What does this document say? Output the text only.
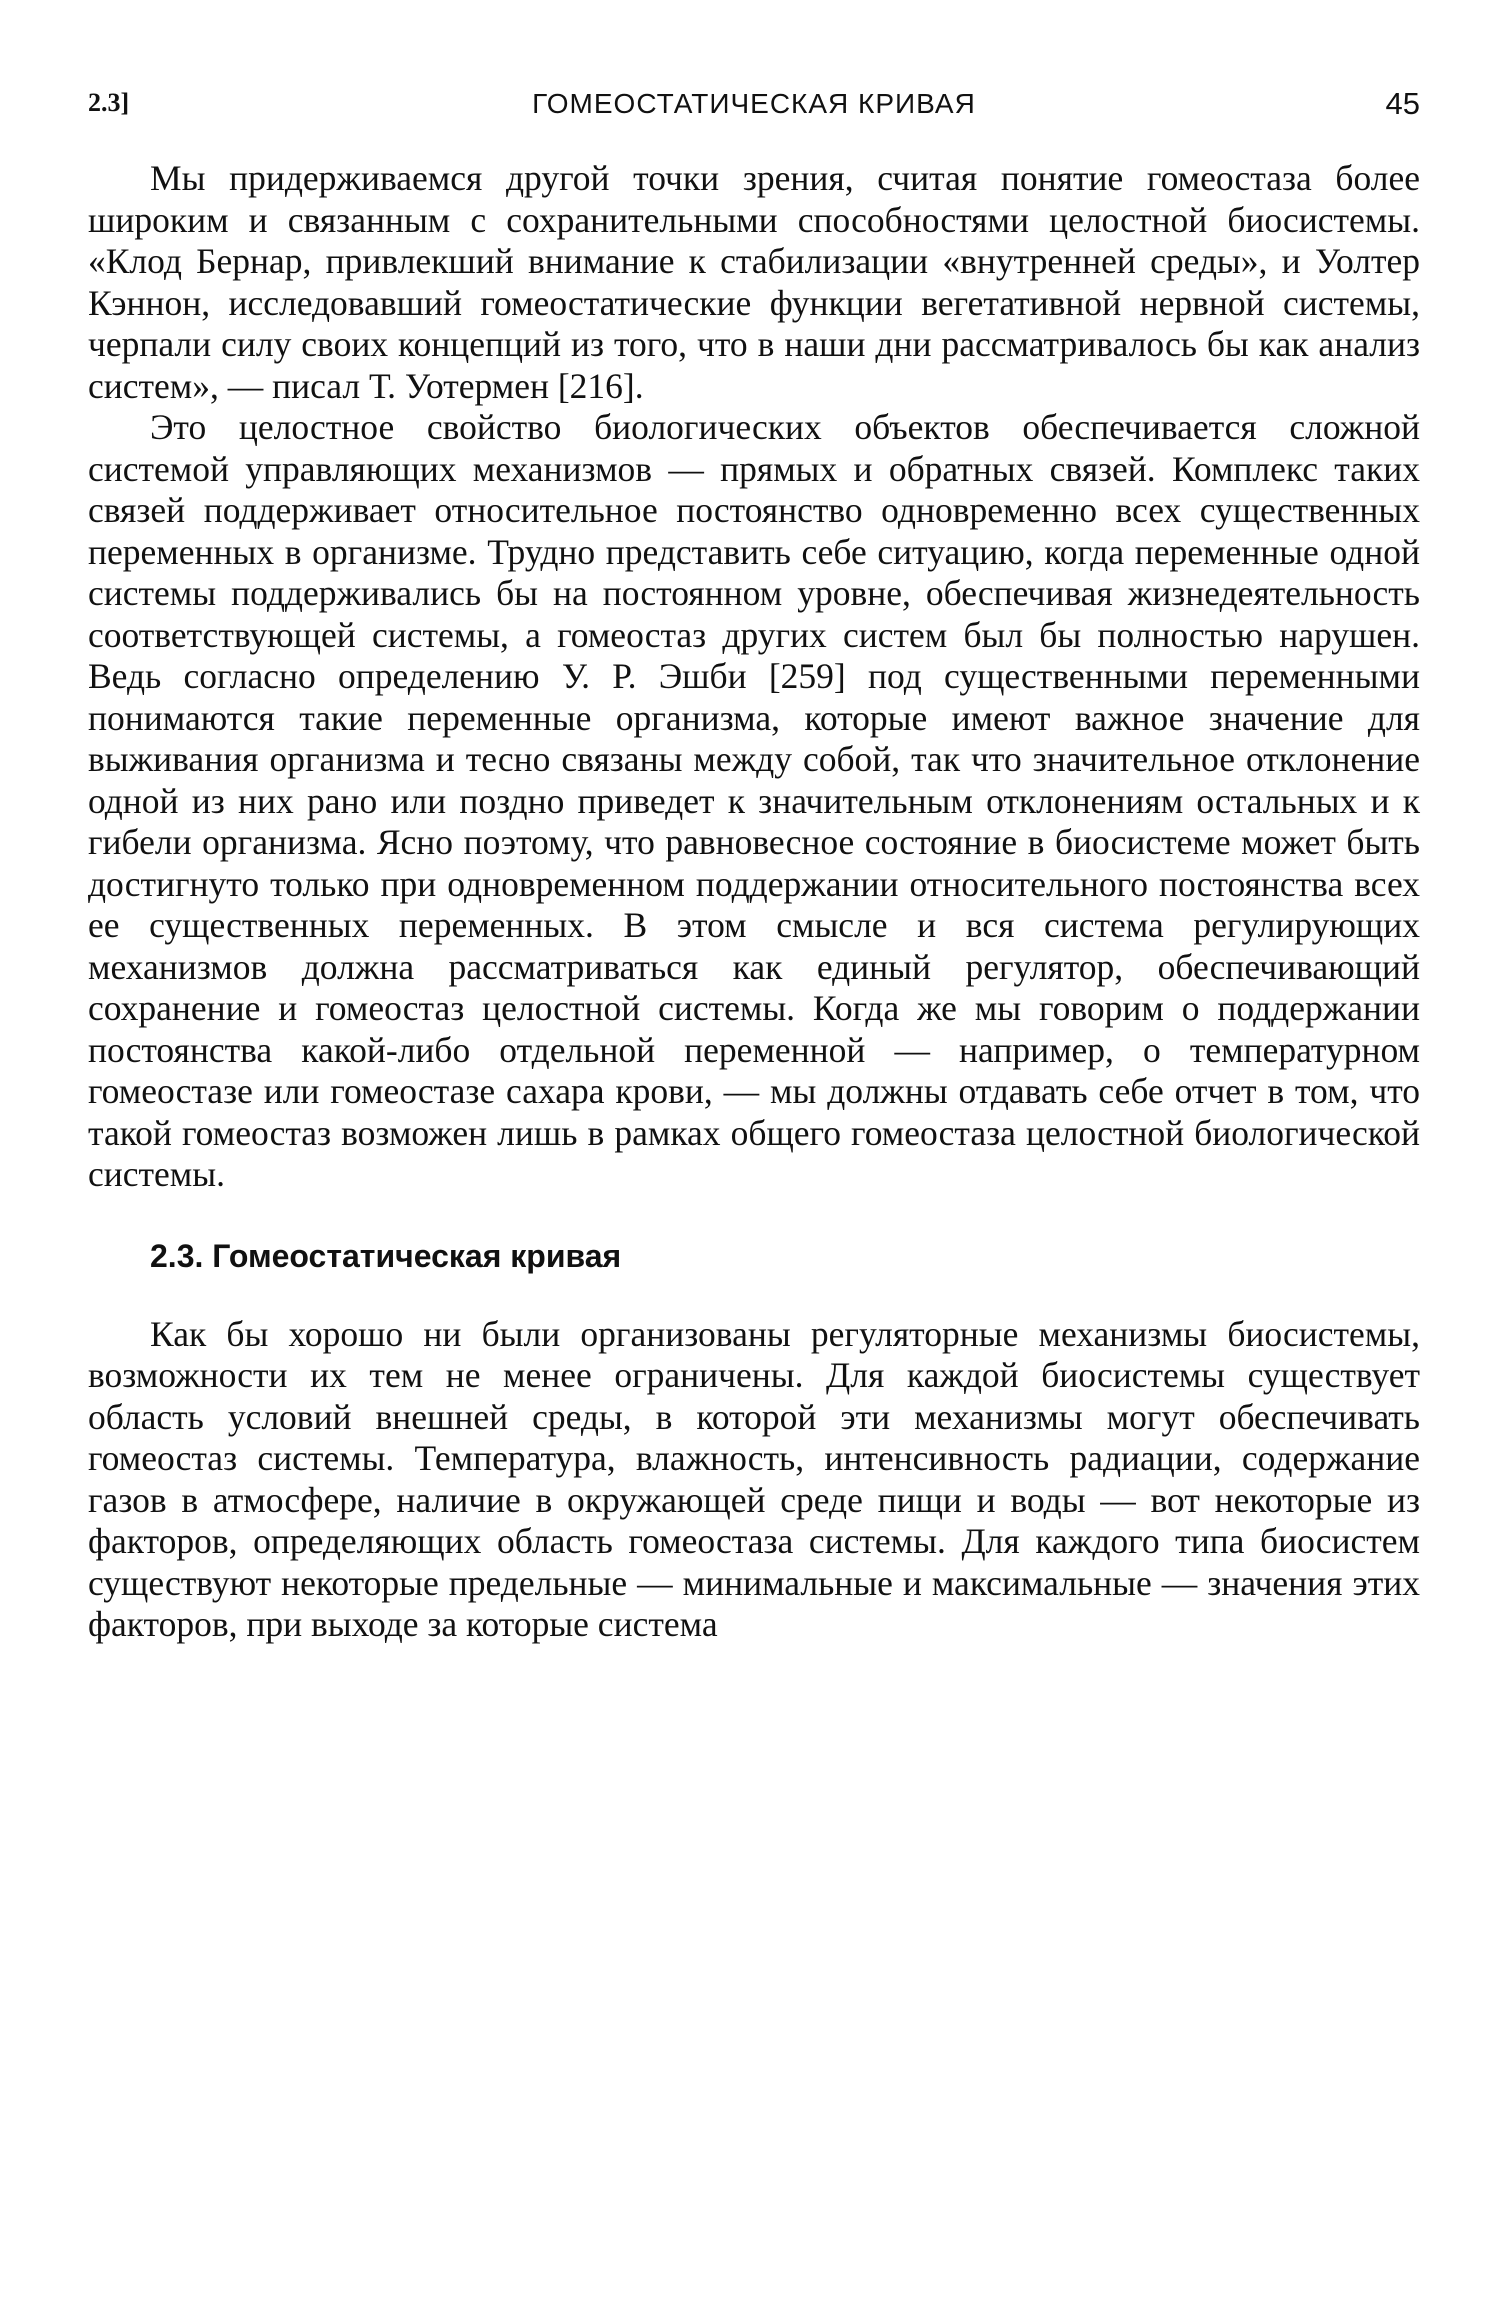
2.3]	ГОМЕОСТАТИЧЕСКАЯ КРИВАЯ	45

Мы придерживаемся другой точки зрения, считая понятие гомеостаза более широким и связанным с сохранительными способностями целостной биосистемы. «Клод Бернар, привлекший внимание к стабилизации «внутренней среды», и Уолтер Кэннон, исследовавший гомеостатические функции вегетативной нервной системы, черпали силу своих концепций из того, что в наши дни рассматривалось бы как анализ систем», — писал Т. Уотермен [216].

Это целостное свойство биологических объектов обеспечивается сложной системой управляющих механизмов — прямых и обратных связей. Комплекс таких связей поддерживает относительное постоянство одновременно всех существенных переменных в организме. Трудно представить себе ситуацию, когда переменные одной системы поддерживались бы на постоянном уровне, обеспечивая жизнедеятельность соответствующей системы, а гомеостаз других систем был бы полностью нарушен. Ведь согласно определению У. Р. Эшби [259] под существенными переменными понимаются такие переменные организма, которые имеют важное значение для выживания организма и тесно связаны между собой, так что значительное отклонение одной из них рано или поздно приведет к значительным отклонениям остальных и к гибели организма. Ясно поэтому, что равновесное состояние в биосистеме может быть достигнуто только при одновременном поддержании относительного постоянства всех ее существенных переменных. В этом смысле и вся система регулирующих механизмов должна рассматриваться как единый регулятор, обеспечивающий сохранение и гомеостаз целостной системы. Когда же мы говорим о поддержании постоянства какой-либо отдельной переменной — например, о температурном гомеостазе или гомеостазе сахара крови, — мы должны отдавать себе отчет в том, что такой гомеостаз возможен лишь в рамках общего гомеостаза целостной биологической системы.

2.3. Гомеостатическая кривая

Как бы хорошо ни были организованы регуляторные механизмы биосистемы, возможности их тем не менее ограничены. Для каждой биосистемы существует область условий внешней среды, в которой эти механизмы могут обеспечивать гомеостаз системы. Температура, влажность, интенсивность радиации, содержание газов в атмосфере, наличие в окружающей среде пищи и воды — вот некоторые из факторов, определяющих область гомеостаза системы. Для каждого типа биосистем существуют некоторые предельные — минимальные и максимальные — значения этих факторов, при выходе за которые система
